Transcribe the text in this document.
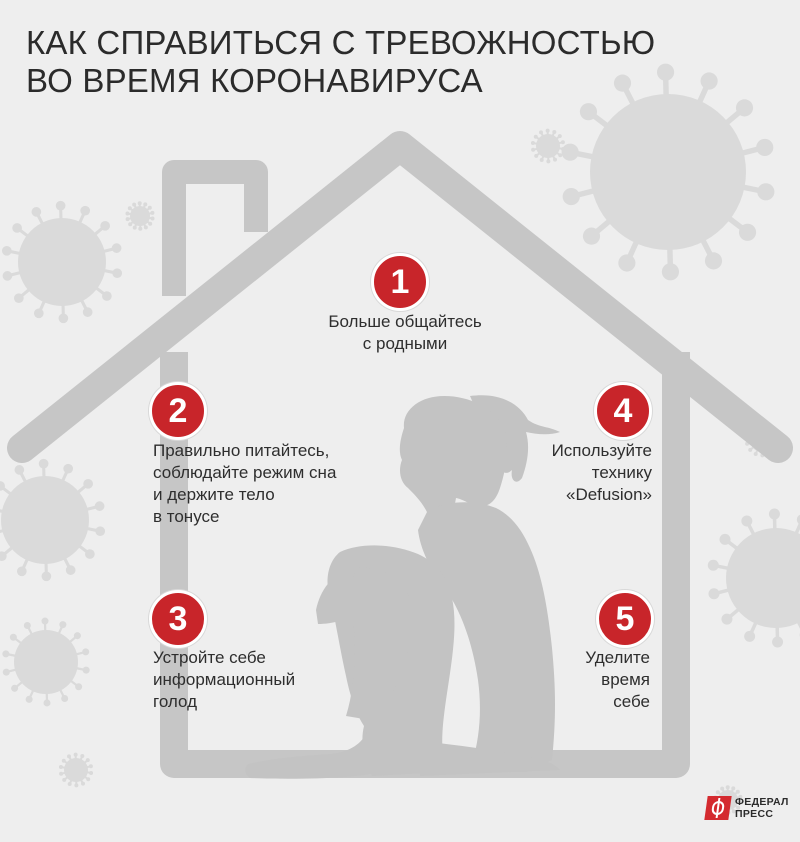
КАК СПРАВИТЬСЯ С ТРЕВОЖНОСТЬЮ
ВО ВРЕМЯ КОРОНАВИРУСА
1
Больше общайтесь
с родными
2
Правильно питайтесь,
соблюдайте режим сна
и держите тело
в тонусе
3
Устройте себе
информационный
голод
4
Используйте
технику
«Defusion»
5
Уделите
время
себе
ФЕДЕРАЛ
ПРЕСС
